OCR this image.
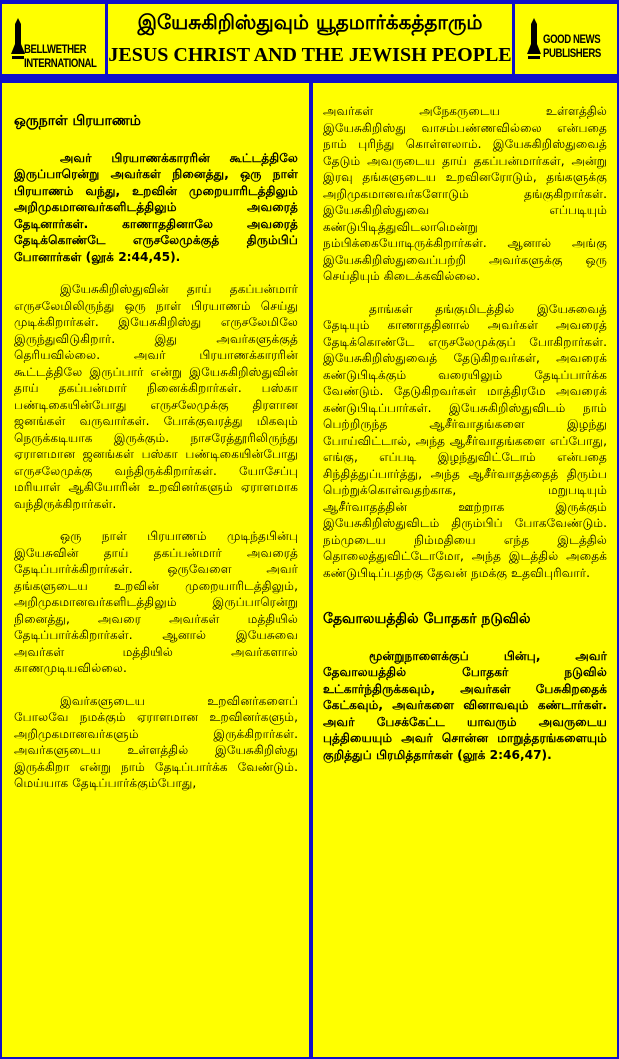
BELLWETHER INTERNATIONAL
இயேசுகிறிஸ்துவும் யூதமார்க்கத்தாரும்
JESUS CHRIST AND THE JEWISH PEOPLE
GOOD NEWS PUBLISHERS

ஒருநாள் பிரயாணம்

அவர் பிரயாணக்காரரின் கூட்டத்திலே இருப்பாரென்று அவர்கள் நினைத்து, ஒரு நாள் பிரயாணம் வந்து, உறவின் முறையாரிடத்திலும் அறிமுகமானவர்களிடத்திலும் அவரைத் தேடினார்கள். காணாததினாலே அவரைத் தேடிக்கொண்டே எருசலேமுக்குத் திரும்பிப் போனார்கள் (லூக் 2:44,45).

இயேசுகிறிஸ்துவின் தாய் தகப்பன்மார் எருசலேமிலிருந்து ஒரு நாள் பிரயாணம் செய்து முடிக்கிறார்கள். இயேசுகிறிஸ்து எருசலேமிலே இருந்துவிடுகிறார். இது அவர்களுக்குத் தெரியவில்லை. அவர் பிரயாணக்காரரின் கூட்டத்திலே இருப்பார் என்று இயேசுகிறிஸ்துவின் தாய் தகப்பன்மார் நினைக்கிறார்கள். பஸ்கா பண்டிகையின்போது எருசலேமுக்கு திரளான ஜனங்கள் வருவார்கள். போக்குவரத்து மிகவும் நெருக்கடியாக இருக்கும். நாசரேத்தூரிலிருந்து ஏராளமான ஜனங்கள் பஸ்கா பண்டிகையின்போது எருசலேமுக்கு வந்திருக்கிறார்கள். யோசேப்பு மரியாள் ஆகியோரின் உறவினர்களும் ஏராளமாக வந்திருக்கிறார்கள்.

ஒரு நாள் பிரயாணம் முடிந்தபின்பு இயேசுவின் தாய் தகப்பன்மார் அவரைத் தேடிப்பார்க்கிறார்கள். ஒருவேளை அவர் தங்களுடைய உறவின் முறையாரிடத்திலும், அறிமுகமானவர்களிடத்திலும் இருப்பாரென்று நினைத்து, அவரை அவர்கள் மத்தியில் தேடிப்பார்க்கிறார்கள். ஆனால் இயேசுவை அவர்கள் மத்தியில் அவர்களால் காணமுடியவில்லை.

இவர்களுடைய உறவினர்களைப் போலவே நமக்கும் ஏராளமான உறவினர்களும், அறிமுகமானவர்களும் இருக்கிறார்கள். அவர்களுடைய உள்ளத்தில் இயேசுகிறிஸ்து இருக்கிறா என்று நாம் தேடிப்பார்க்க வேண்டும். மெய்யாக தேடிப்பார்க்கும்போது,

அவர்கள் அநேகருடைய உள்ளத்தில் இயேசுகிறிஸ்து வாசம்பண்ணவில்லை என்பதை நாம் புரிந்து கொள்ளலாம். இயேசுகிறிஸ்துவைத் தேடும் அவருடைய தாய் தகப்பன்மார்கள், அன்று இரவு தங்களுடைய உறவினரோடும், தங்களுக்கு அறிமுகமானவர்களோடும் தங்குகிறார்கள். இயேசுகிறிஸ்துவை எப்படியும் கண்டுபிடித்துவிடலாமென்று நம்பிக்கையோடிருக்கிறார்கள். ஆனால் அங்கு இயேசுகிறிஸ்துவைப்பற்றி அவர்களுக்கு ஒரு செய்தியும் கிடைக்கவில்லை.

தாங்கள் தங்குமிடத்தில் இயேசுவைத் தேடியும் காணாததினால் அவர்கள் அவரைத் தேடிக்கொண்டே எருசலேமுக்குப் போகிறார்கள். இயேசுகிறிஸ்துவைத் தேடுகிறவர்கள், அவரைக் கண்டுபிடிக்கும் வரையிலும் தேடிப்பார்க்க வேண்டும். தேடுகிறவர்கள் மாத்திரமே அவரைக் கண்டுபிடிப்பார்கள். இயேசுகிறிஸ்துவிடம் நாம் பெற்றிருந்த ஆசீர்வாதங்களை இழந்து போய்விட்டால், அந்த ஆசீர்வாதங்களை எப்போது, எங்கு, எப்படி இழந்துவிட்டோம் என்பதை சிந்தித்துப்பார்த்து, அந்த ஆசீர்வாதத்தைத் திரும்ப பெற்றுக்கொள்வதற்காக, மறுபடியும் ஆசீர்வாதத்தின் ஊற்றாக இருக்கும் இயேசுகிறிஸ்துவிடம் திரும்பிப் போகவேண்டும். நம்முடைய நிம்மதியை எந்த இடத்தில் தொலைத்துவிட்டோமோ, அந்த இடத்தில் அதைக் கண்டுபிடிப்பதற்கு தேவன் நமக்கு உதவிபுரிவார்.

தேவாலயத்தில் போதகர் நடுவில்

மூன்றுநாளைக்குப் பின்பு, அவர் தேவாலயத்தில் போதகர் நடுவில் உட்கார்ந்திருக்கவும், அவர்கள் பேசுகிறதைக் கேட்கவும், அவர்களை வினாவவும் கண்டார்கள். அவர் பேசக்கேட்ட யாவரும் அவருடைய புத்தியையும் அவர் சொன்ன மாறுத்தரங்களையும் குறித்துப் பிரமித்தார்கள் (லூக் 2:46,47).
